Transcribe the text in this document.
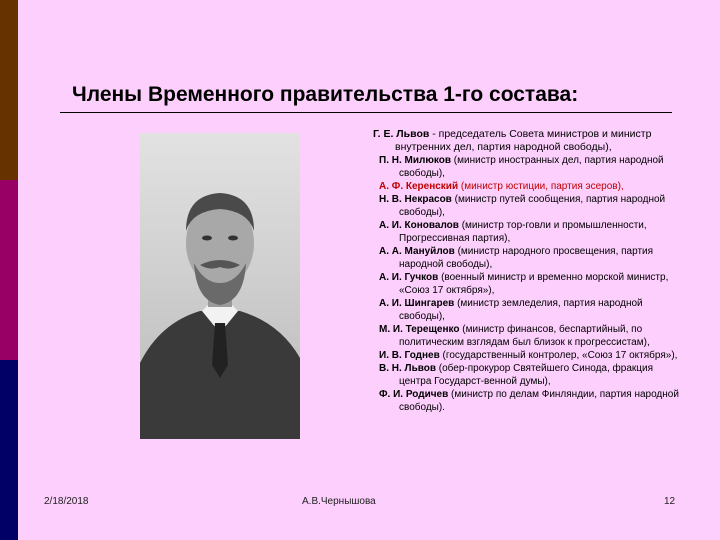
Члены Временного правительства 1-го состава:

Г. Е. Львов - председатель Совета министров и министр внутренних дел, партия народной свободы),

П. Н. Милюков (министр иностранных дел, партия народной свободы),

А. Ф. Керенский (министр юстиции, партия эсеров),

Н. В. Некрасов (министр путей сообщения, партия народной свободы),

А. И. Коновалов (министр тор-говли и промышленности, Прогрессивная партия),

А. А. Мануйлов (министр народного просвещения, партия народной свободы),

А. И. Гучков (военный министр и временно морской министр, «Союз 17 октября»),

А. И. Шингарев (министр земледелия, партия народной свободы),

М. И. Терещенко (министр финансов, беспартийный, по политическим взглядам был близок к прогрессистам),

И. В. Годнев (государственный контролер, «Союз 17 октября»),

В. Н. Львов (обер-прокурор Святейшего Синода, фракция центра Государст-венной думы),

Ф. И. Родичев (министр по делам Финляндии, партия народной свободы).

2/18/2018	А.В.Чернышова	12
